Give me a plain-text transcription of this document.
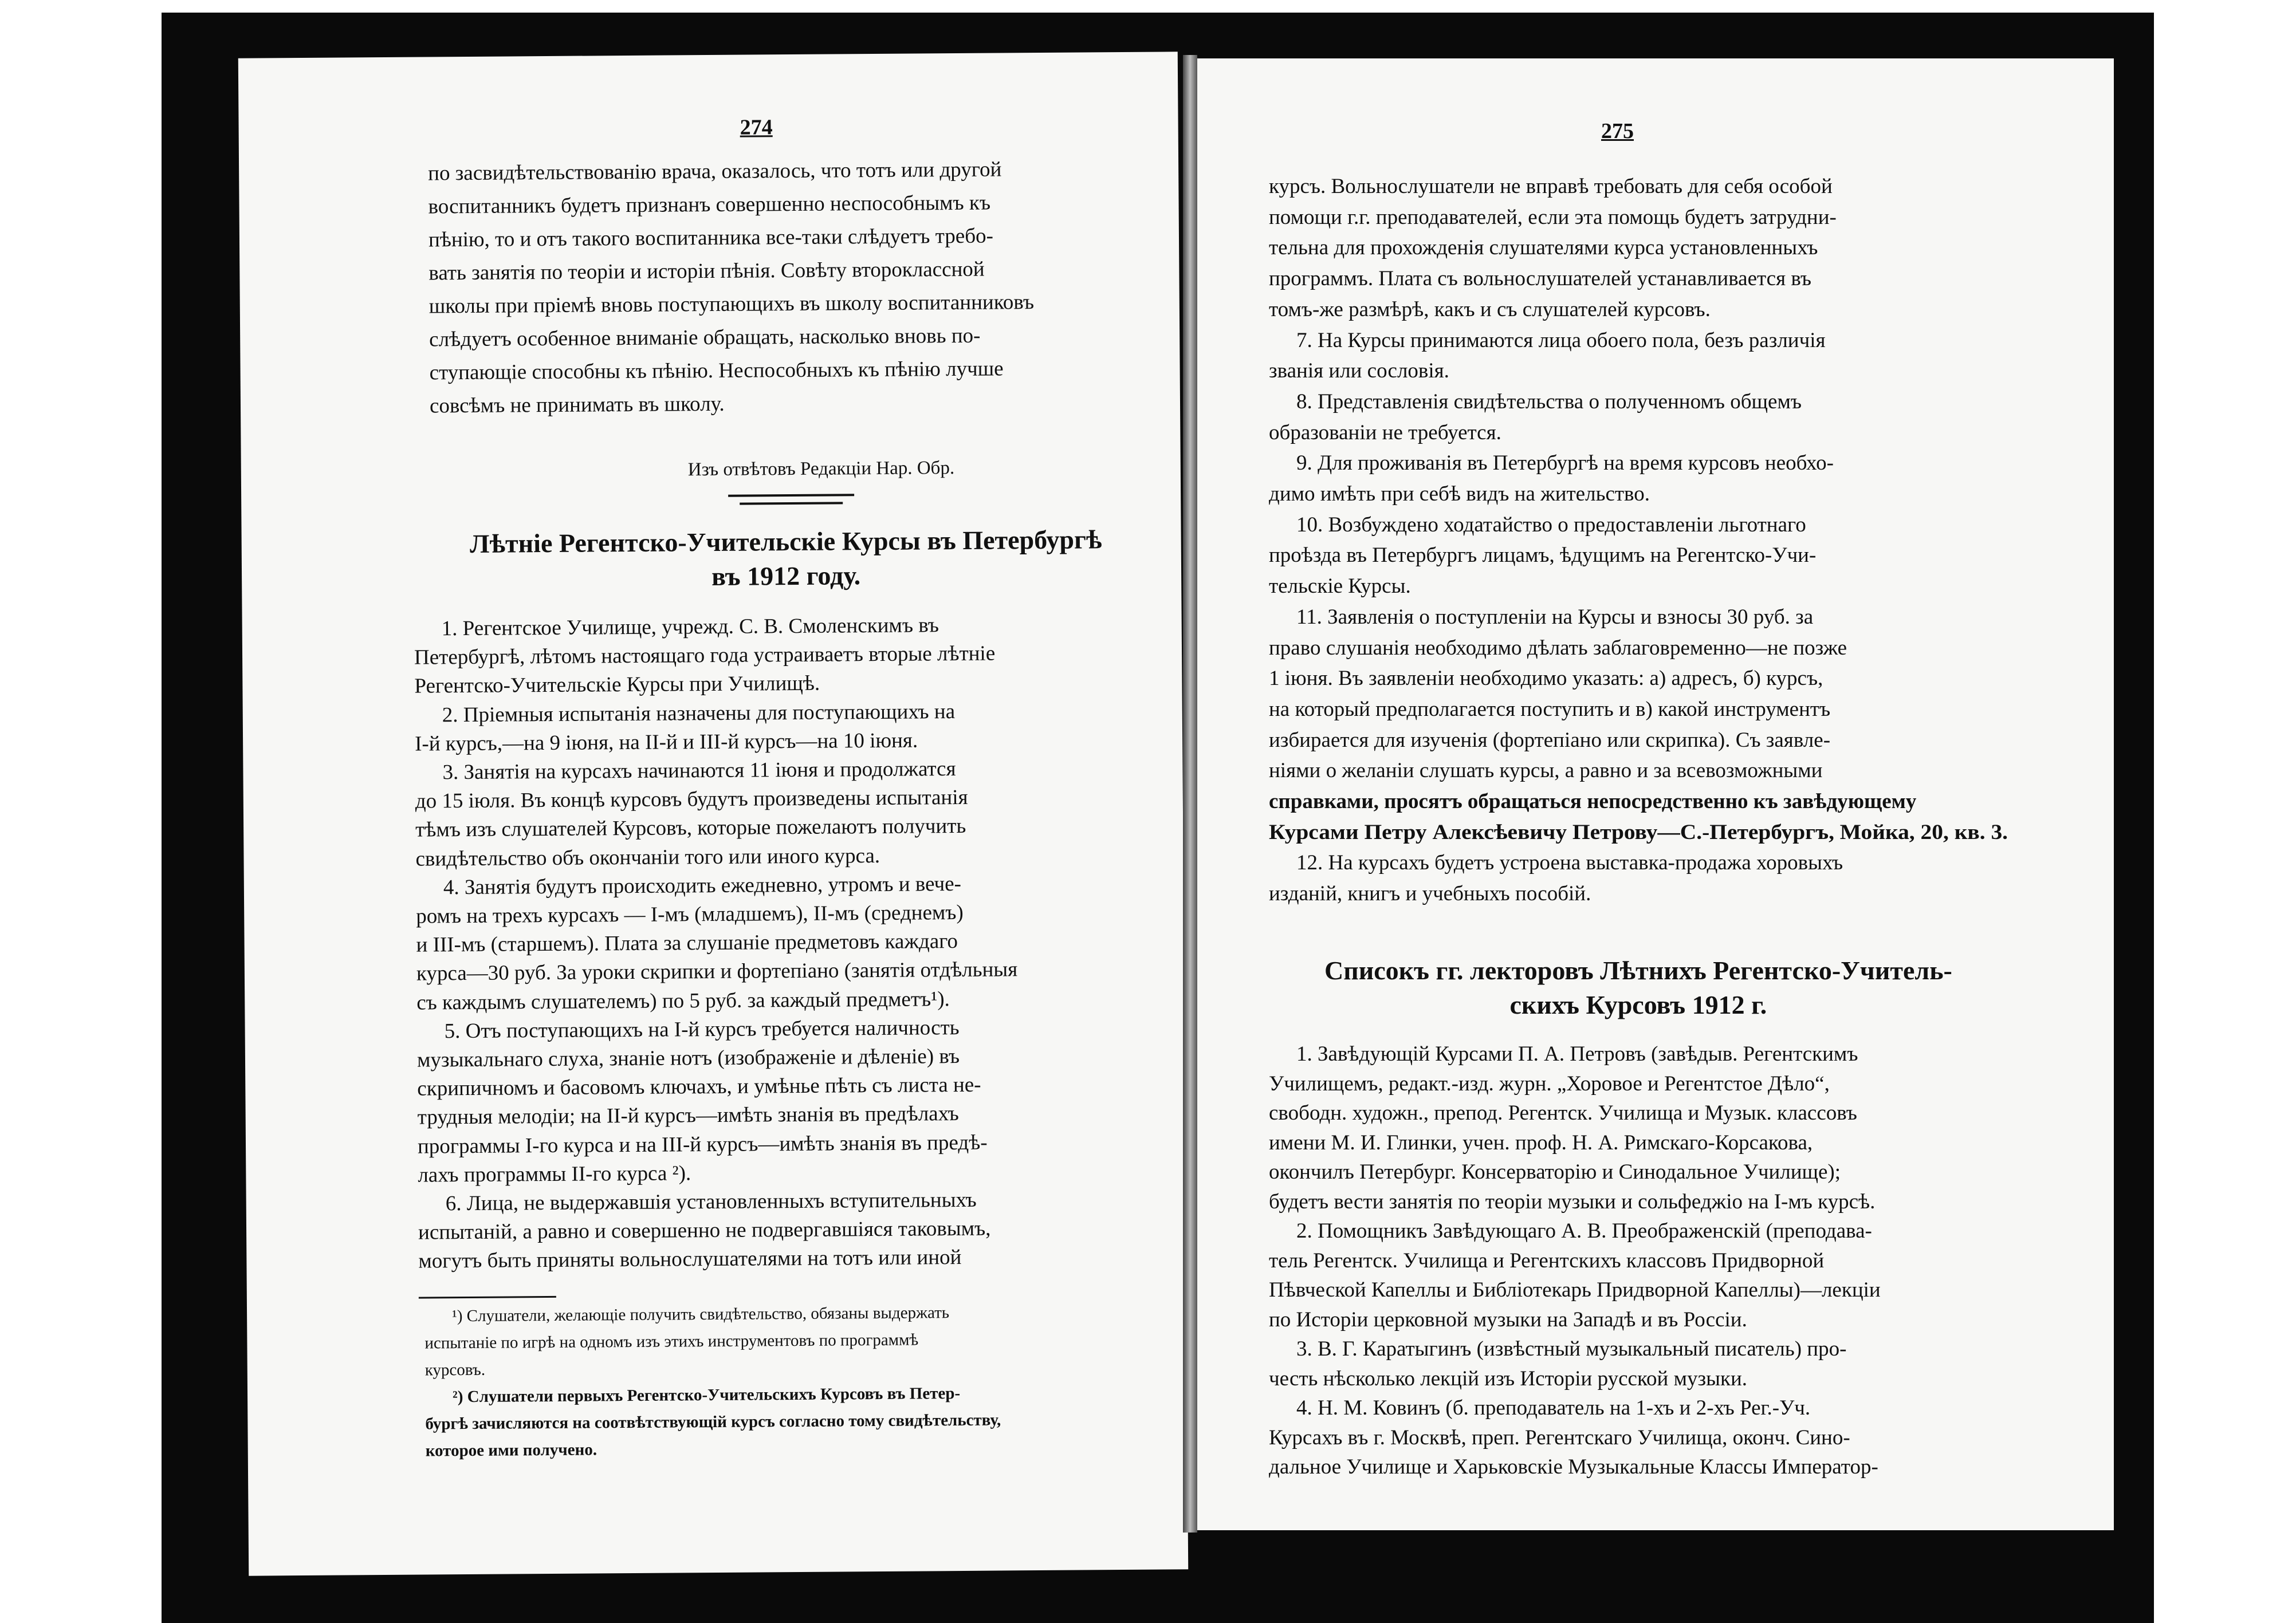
274
по засвидѣтельствованію врача, оказалось, что тотъ или другой
воспитанникъ будетъ признанъ совершенно неспособнымъ къ
пѣнію, то и отъ такого воспитанника все-таки слѣдуетъ требо-
вать занятія по теоріи и исторіи пѣнія. Совѣту второклассной
школы при пріемѣ вновь поступающихъ въ школу воспитанниковъ
слѣдуетъ особенное вниманіе обращать, насколько вновь по-
ступающіе способны къ пѣнію. Неспособныхъ къ пѣнію лучше
совсѣмъ не принимать въ школу.
Изъ отвѣтовъ Редакціи Нар. Обр.
Лѣтніе Регентско-Учительскіе Курсы въ Петербургѣ
въ 1912 году.
1. Регентское Училище, учрежд. С. В. Смоленскимъ въ
Петербургѣ, лѣтомъ настоящаго года устраиваетъ вторые лѣтніе
Регентско-Учительскіе Курсы при Училищѣ.
2. Пріемныя испытанія назначены для поступающихъ на
I-й курсъ,—на 9 іюня, на II-й и III-й курсъ—на 10 іюня.
3. Занятія на курсахъ начинаются 11 іюня и продолжатся
до 15 іюля. Въ концѣ курсовъ будутъ произведены испытанія
тѣмъ изъ слушателей Курсовъ, которые пожелаютъ получить
свидѣтельство объ окончаніи того или иного курса.
4. Занятія будутъ происходить ежедневно, утромъ и вече-
ромъ на трехъ курсахъ — I-мъ (младшемъ), II-мъ (среднемъ)
и III-мъ (старшемъ). Плата за слушаніе предметовъ каждаго
курса—30 руб. За уроки скрипки и фортепіано (занятія отдѣльныя
съ каждымъ слушателемъ) по 5 руб. за каждый предметъ¹).
5. Отъ поступающихъ на I-й курсъ требуется наличность
музыкальнаго слуха, знаніе нотъ (изображеніе и дѣленіе) въ
скрипичномъ и басовомъ ключахъ, и умѣнье пѣть съ листа не-
трудныя мелодіи; на II-й курсъ—имѣть знанія въ предѣлахъ
программы I-го курса и на III-й курсъ—имѣть знанія въ предѣ-
лахъ программы II-го курса ²).
6. Лица, не выдержавшія установленныхъ вступительныхъ
испытаній, а равно и совершенно не подвергавшіяся таковымъ,
могутъ быть приняты вольнослушателями на тотъ или иной
¹) Слушатели, желающіе получить свидѣтельство, обязаны выдержать
испытаніе по игрѣ на одномъ изъ этихъ инструментовъ по программѣ
курсовъ.
²) Слушатели первыхъ Регентско-Учительскихъ Курсовъ въ Петер-
бургѣ зачисляются на соотвѣтствующій курсъ согласно тому свидѣтельству,
которое ими получено.
275
курсъ. Вольнослушатели не вправѣ требовать для себя особой
помощи г.г. преподавателей, если эта помощь будетъ затрудни-
тельна для прохожденія слушателями курса установленныхъ
программъ. Плата съ вольнослушателей устанавливается въ
томъ-же размѣрѣ, какъ и съ слушателей курсовъ.
7. На Курсы принимаются лица обоего пола, безъ различія
званія или сословія.
8. Представленія свидѣтельства о полученномъ общемъ
образованіи не требуется.
9. Для проживанія въ Петербургѣ на время курсовъ необхо-
димо имѣть при себѣ видъ на жительство.
10. Возбуждено ходатайство о предоставленіи льготнаго
проѣзда въ Петербургъ лицамъ, ѣдущимъ на Регентско-Учи-
тельскіе Курсы.
11. Заявленія о поступленіи на Курсы и взносы 30 руб. за
право слушанія необходимо дѣлать заблаговременно—не позже
1 іюня. Въ заявленіи необходимо указать: а) адресъ, б) курсъ,
на который предполагается поступить и в) какой инструментъ
избирается для изученія (фортепіано или скрипка). Съ заявле-
ніями о желаніи слушать курсы, а равно и за всевозможными
справками, просятъ обращаться непосредственно къ завѣдующему
Курсами Петру Алексѣевичу Петрову—С.-Петербургъ, Мойка, 20, кв. 3.
12. На курсахъ будетъ устроена выставка-продажа хоровыхъ
изданій, книгъ и учебныхъ пособій.
Списокъ гг. лекторовъ Лѣтнихъ Регентско-Учитель-
скихъ Курсовъ 1912 г.
1. Завѣдующій Курсами П. А. Петровъ (завѣдыв. Регентскимъ
Училищемъ, редакт.-изд. журн. „Хоровое и Регентстое Дѣло“,
свободн. художн., препод. Регентск. Училища и Музык. классовъ
имени М. И. Глинки, учен. проф. Н. А. Римскаго-Корсакова,
окончилъ Петербург. Консерваторію и Синодальное Училище);
будетъ вести занятія по теоріи музыки и сольфеджіо на I-мъ курсѣ.
2. Помощникъ Завѣдующаго А. В. Преображенскій (преподава-
тель Регентск. Училища и Регентскихъ классовъ Придворной
Пѣвческой Капеллы и Библіотекарь Придворной Капеллы)—лекціи
по Исторіи церковной музыки на Западѣ и въ Россіи.
3. В. Г. Каратыгинъ (извѣстный музыкальный писатель) про-
честь нѣсколько лекцій изъ Исторіи русской музыки.
4. Н. М. Ковинъ (б. преподаватель на 1-хъ и 2-хъ Рег.-Уч.
Курсахъ въ г. Москвѣ, преп. Регентскаго Училища, оконч. Сино-
дальное Училище и Харьковскіе Музыкальные Классы Император-
